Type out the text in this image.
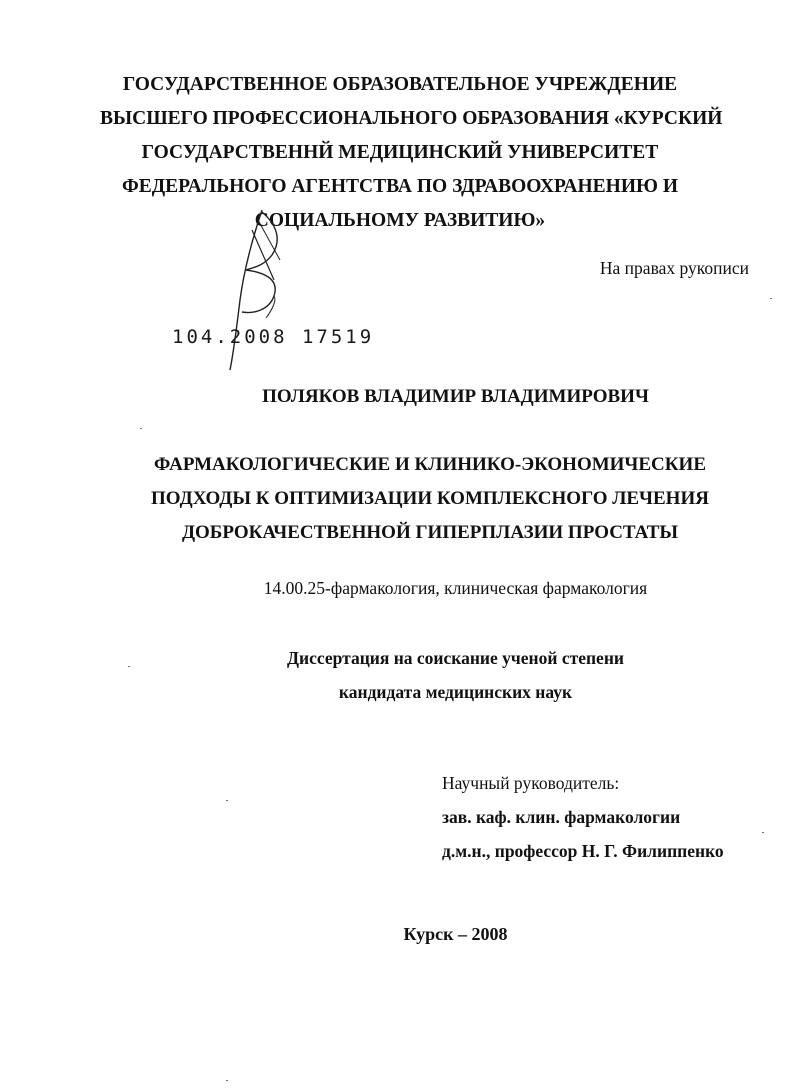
ГОСУДАРСТВЕННОЕ ОБРАЗОВАТЕЛЬНОЕ УЧРЕЖДЕНИЕ
ВЫСШЕГО ПРОФЕССИОНАЛЬНОГО ОБРАЗОВАНИЯ «КУРСКИЙ
ГОСУДАРСТВЕННЙ МЕДИЦИНСКИЙ УНИВЕРСИТЕТ
ФЕДЕРАЛЬНОГО АГЕНТСТВА ПО ЗДРАВООХРАНЕНИЮ И
СОЦИАЛЬНОМУ РАЗВИТИЮ»
На правах рукописи
104.2008 17519
ПОЛЯКОВ ВЛАДИМИР ВЛАДИМИРОВИЧ
ФАРМАКОЛОГИЧЕСКИЕ И КЛИНИКО-ЭКОНОМИЧЕСКИЕ
ПОДХОДЫ К ОПТИМИЗАЦИИ КОМПЛЕКСНОГО ЛЕЧЕНИЯ
ДОБРОКАЧЕСТВЕННОЙ ГИПЕРПЛАЗИИ ПРОСТАТЫ
14.00.25-фармакология, клиническая фармакология
Диссертация на соискание ученой степени
кандидата медицинских наук
Научный руководитель:
зав. каф. клин. фармакологии
д.м.н., профессор Н. Г. Филиппенко
Курск – 2008
